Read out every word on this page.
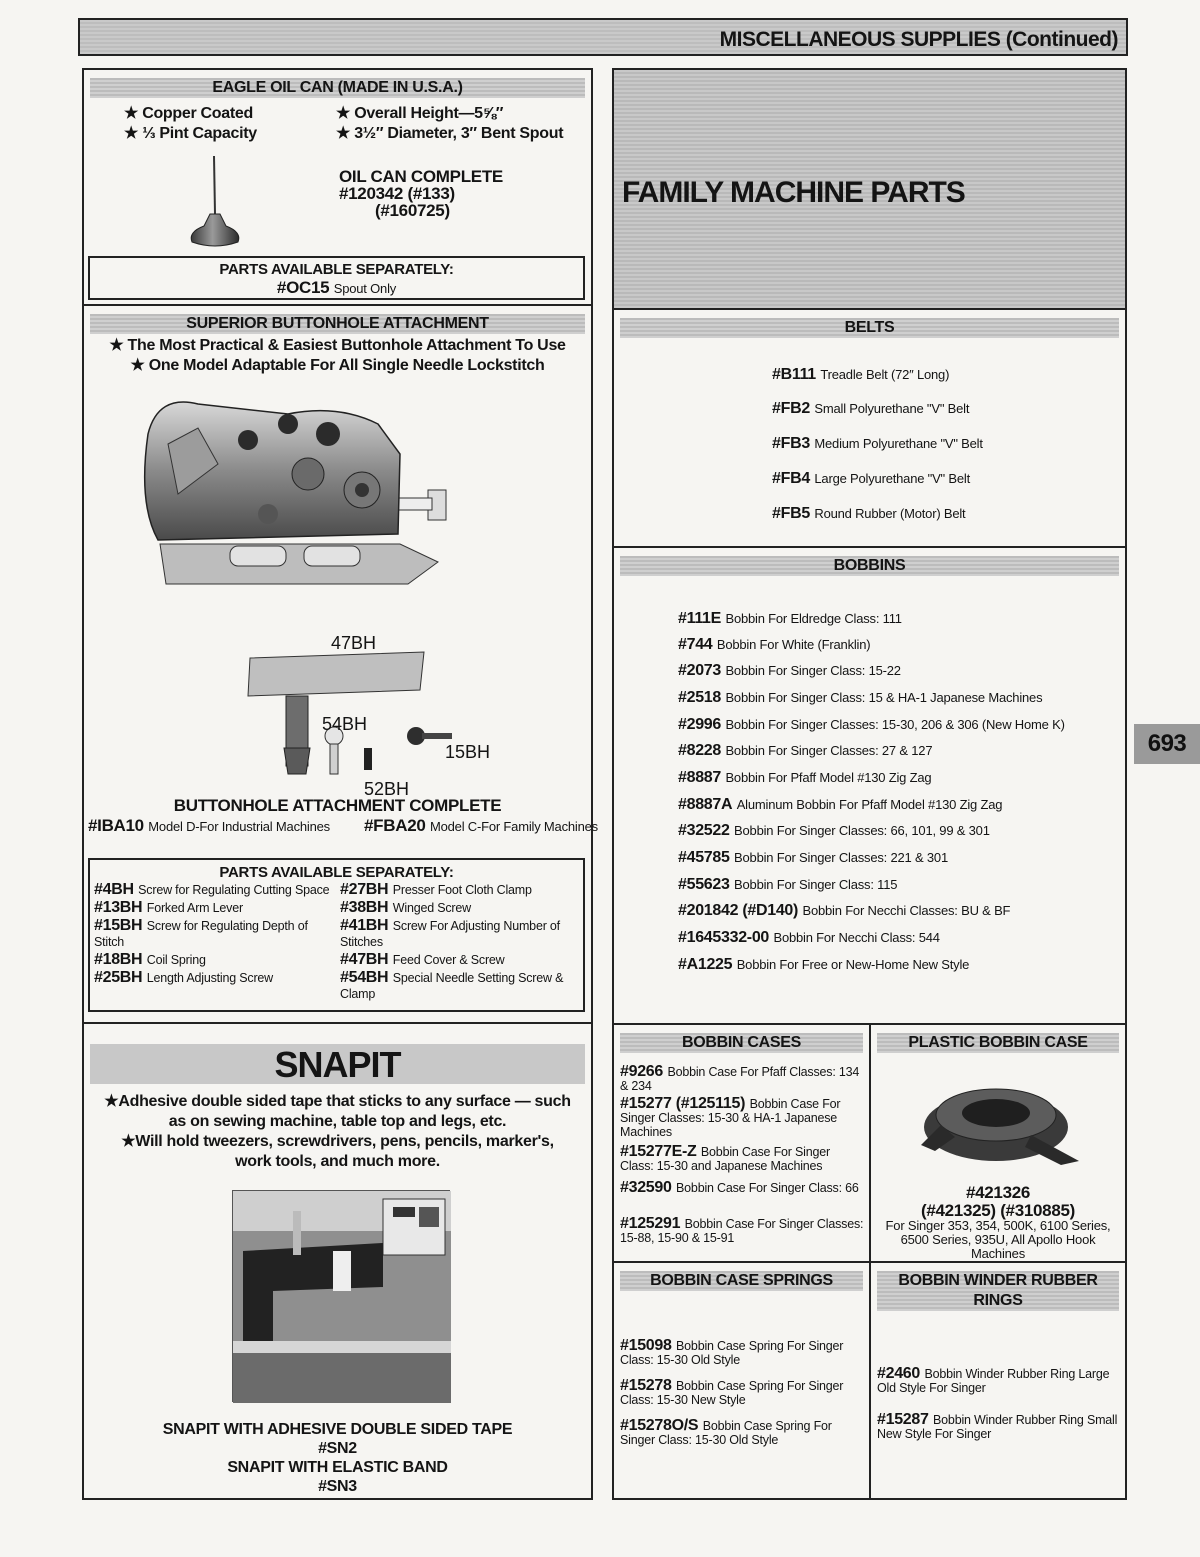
MISCELLANEOUS SUPPLIES (Continued)
693
EAGLE OIL CAN (MADE IN U.S.A.)
★ Copper Coated
★ ⅓ Pint Capacity
★ Overall Height—5⅝″
★ 3½″ Diameter, 3″ Bent Spout
OIL CAN COMPLETE
#120342 (#133)
(#160725)
PARTS AVAILABLE SEPARATELY:
#OC15 Spout Only
SUPERIOR BUTTONHOLE ATTACHMENT
★ The Most Practical & Easiest Buttonhole Attachment To Use
★ One Model Adaptable For All Single Needle Lockstitch
47BH
54BH
15BH
52BH
BUTTONHOLE ATTACHMENT COMPLETE
#IBA10 Model D-For Industrial Machines #FBA20 Model C-For Family Machines
PARTS AVAILABLE SEPARATELY:
#4BH Screw for Regulating Cutting Space
#13BH Forked Arm Lever
#15BH Screw for Regulating Depth of Stitch
#18BH Coil Spring
#25BH Length Adjusting Screw
#27BH Presser Foot Cloth Clamp
#38BH Winged Screw
#41BH Screw For Adjusting Number of Stitches
#47BH Feed Cover & Screw
#54BH Special Needle Setting Screw & Clamp
SNAPIT
★Adhesive double sided tape that sticks to any surface — such
as on sewing machine, table top and legs, etc.
★Will hold tweezers, screwdrivers, pens, pencils, marker's,
work tools, and much more.
SNAPIT WITH ADHESIVE DOUBLE SIDED TAPE
#SN2
SNAPIT WITH ELASTIC BAND
#SN3
FAMILY MACHINE PARTS
BELTS
#B111 Treadle Belt (72″ Long)
#FB2 Small Polyurethane "V" Belt
#FB3 Medium Polyurethane "V" Belt
#FB4 Large Polyurethane "V" Belt
#FB5 Round Rubber (Motor) Belt
BOBBINS
#111E Bobbin For Eldredge Class: 111
#744 Bobbin For White (Franklin)
#2073 Bobbin For Singer Class: 15-22
#2518 Bobbin For Singer Class: 15 & HA-1 Japanese Machines
#2996 Bobbin For Singer Classes: 15-30, 206 & 306 (New Home K)
#8228 Bobbin For Singer Classes: 27 & 127
#8887 Bobbin For Pfaff Model #130 Zig Zag
#8887A Aluminum Bobbin For Pfaff Model #130 Zig Zag
#32522 Bobbin For Singer Classes: 66, 101, 99 & 301
#45785 Bobbin For Singer Classes: 221 & 301
#55623 Bobbin For Singer Class: 115
#201842 (#D140) Bobbin For Necchi Classes: BU & BF
#1645332-00 Bobbin For Necchi Class: 544
#A1225 Bobbin For Free or New-Home New Style
BOBBIN CASES
#9266 Bobbin Case For Pfaff Classes: 134 & 234
#15277 (#125115) Bobbin Case For Singer Classes: 15-30 & HA-1 Japanese Machines
#15277E-Z Bobbin Case For Singer Class: 15-30 and Japanese Machines
#32590 Bobbin Case For Singer Class: 66
#125291 Bobbin Case For Singer Classes: 15-88, 15-90 & 15-91
PLASTIC BOBBIN CASE
#421326
(#421325) (#310885)
For Singer 353, 354, 500K, 6100 Series, 6500 Series, 935U, All Apollo Hook Machines
BOBBIN CASE SPRINGS
#15098 Bobbin Case Spring For Singer Class: 15-30 Old Style
#15278 Bobbin Case Spring For Singer Class: 15-30 New Style
#15278O/S Bobbin Case Spring For Singer Class: 15-30 Old Style
BOBBIN WINDER RUBBER RINGS
#2460 Bobbin Winder Rubber Ring Large Old Style For Singer
#15287 Bobbin Winder Rubber Ring Small New Style For Singer
